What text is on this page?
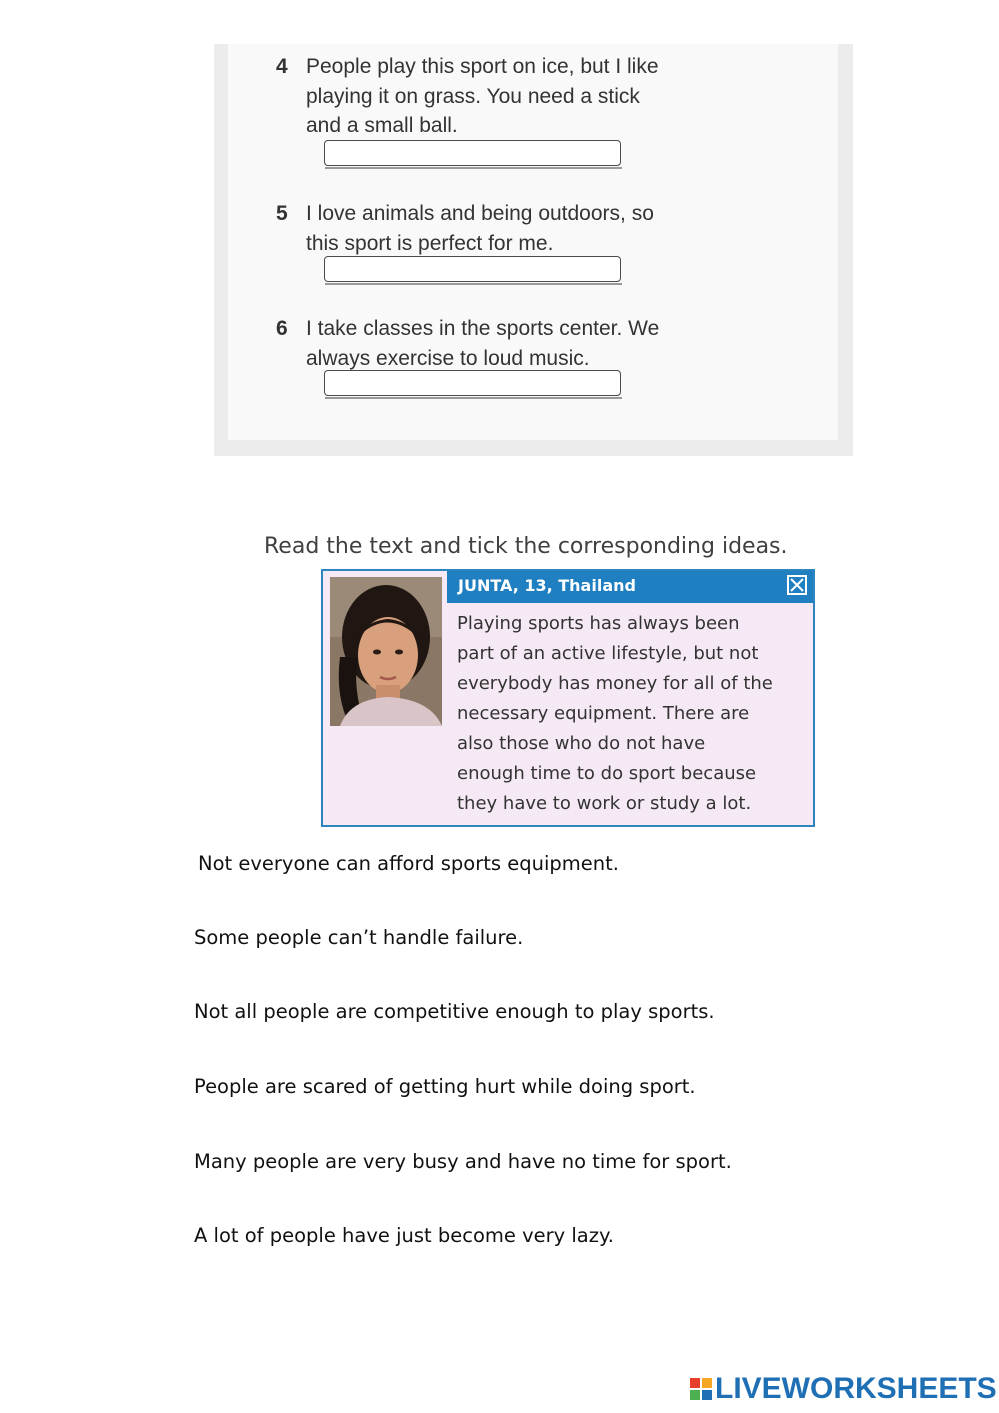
4 People play this sport on ice, but I like
playing it on grass. You need a stick
and a small ball.
5 I love animals and being outdoors, so
this sport is perfect for me.
6 I take classes in the sports center. We
always exercise to loud music.
Read the text and tick the corresponding ideas.
JUNTA, 13, Thailand
Playing sports has always been
part of an active lifestyle, but not
everybody has money for all of the
necessary equipment. There are
also those who do not have
enough time to do sport because
they have to work or study a lot.
Not everyone can afford sports equipment.
Some people can’t handle failure.
Not all people are competitive enough to play sports.
People are scared of getting hurt while doing sport.
Many people are very busy and have no time for sport.
A lot of people have just become very lazy.
LIVEWORKSHEETS
